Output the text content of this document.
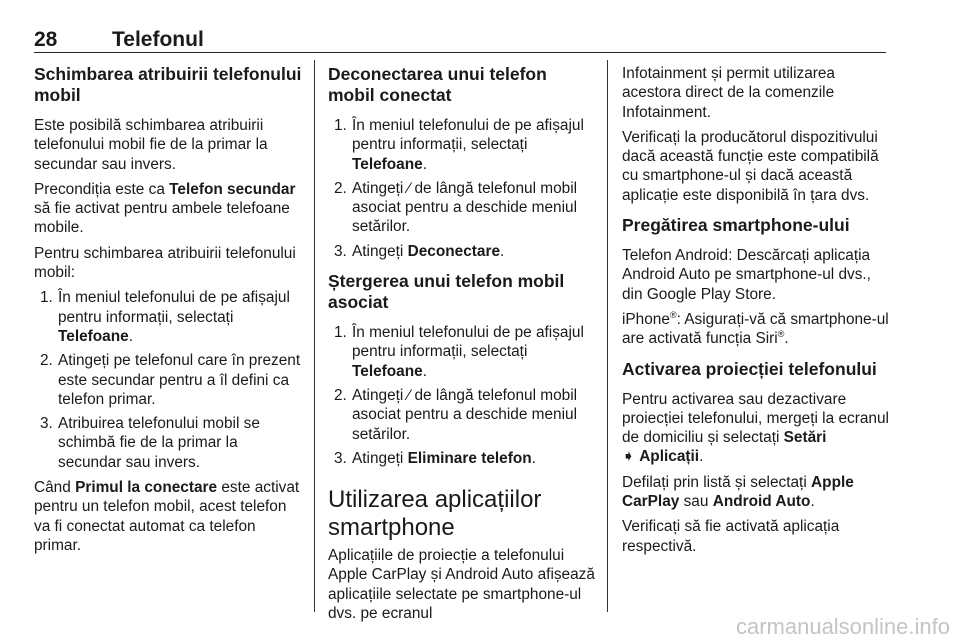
28	Telefonul
Schimbarea atribuirii telefonului mobil

Este posibilă schimbarea atribuirii telefonului mobil fie de la primar la secundar sau invers.

Precondiția este ca Telefon secundar să fie activat pentru ambele telefoane mobile.

Pentru schimbarea atribuirii telefonului mobil:

1. În meniul telefonului de pe afișajul pentru informații, selectați Telefoane.
2. Atingeți pe telefonul care în prezent este secundar pentru a îl defini ca telefon primar.
3. Atribuirea telefonului mobil se schimbă fie de la primar la secundar sau invers.

Când Primul la conectare este activat pentru un telefon mobil, acest telefon va fi conectat automat ca telefon primar.

Deconectarea unui telefon mobil conectat
1. În meniul telefonului de pe afișajul pentru informații, selectați Telefoane.
2. Atingeți ∕ de lângă telefonul mobil asociat pentru a deschide meniul setărilor.
3. Atingeți Deconectare.
Ștergerea unui telefon mobil asociat
1. În meniul telefonului de pe afișajul pentru informații, selectați Telefoane.
2. Atingeți ∕ de lângă telefonul mobil asociat pentru a deschide meniul setărilor.
3. Atingeți Eliminare telefon.
Utilizarea aplicațiilor smartphone

Aplicațiile de proiecție a telefonului Apple CarPlay și Android Auto afișează aplicațiile selectate pe smartphone-ul dvs. pe ecranul

Infotainment și permit utilizarea acestora direct de la comenzile Infotainment.

Verificați la producătorul dispozitivului dacă această funcție este compatibilă cu smartphone-ul și dacă această aplicație este disponibilă în țara dvs.

Pregătirea smartphone-ului

Telefon Android: Descărcați aplicația Android Auto pe smartphone-ul dvs., din Google Play Store.

iPhone®: Asigurați-vă că smartphone-ul are activată funcția Siri®.

Activarea proiecției telefonului

Pentru activarea sau dezactivare proiecției telefonului, mergeți la ecranul de domiciliu și selectați Setări
➧ Aplicații.

Defilați prin listă și selectați Apple CarPlay sau Android Auto.

Verificați să fie activată aplicația respectivă.

carmanualsonline.info
